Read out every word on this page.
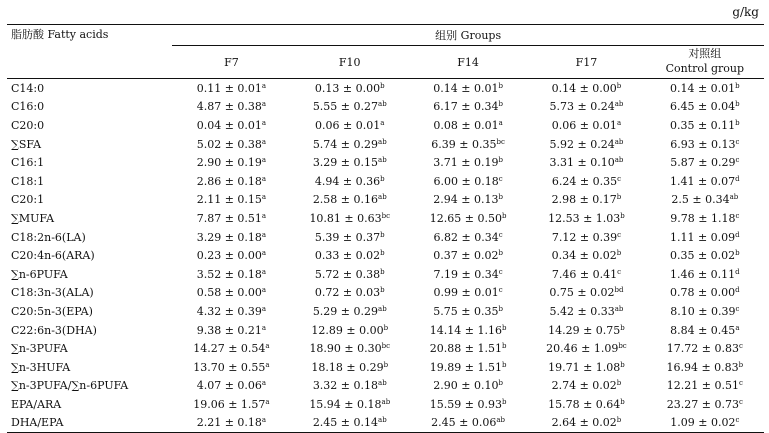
g/kg
脂肪酸 Fatty acids	组别 Groups				
	F7	F10	F14	F17	对照组
Control group

C14:0	0.11 ± 0.01$^a$	0.13 ± 0.00$^b$	0.14 ± 0.01$^b$	0.14 ± 0.00$^b$	0.14 ± 0.01$^b$
C16:0	4.87 ± 0.38$^a$	5.55 ± 0.27$^{ab}$	6.17 ± 0.34$^b$	5.73 ± 0.24$^{ab}$	6.45 ± 0.04$^b$
C20:0	0.04 ± 0.01$^a$	0.06 ± 0.01$^a$	0.08 ± 0.01$^a$	0.06 ± 0.01$^a$	0.35 ± 0.11$^b$
∑SFA	5.02 ± 0.38$^a$	5.74 ± 0.29$^{ab}$	6.39 ± 0.35$^{bc}$	5.92 ± 0.24$^{ab}$	6.93 ± 0.13$^c$
C16:1	2.90 ± 0.19$^a$	3.29 ± 0.15$^{ab}$	3.71 ± 0.19$^b$	3.31 ± 0.10$^{ab}$	5.87 ± 0.29$^c$
C18:1	2.86 ± 0.18$^a$	4.94 ± 0.36$^b$	6.00 ± 0.18$^c$	6.24 ± 0.35$^c$	1.41 ± 0.07$^d$
C20:1	2.11 ± 0.15$^a$	2.58 ± 0.16$^{ab}$	2.94 ± 0.13$^b$	2.98 ± 0.17$^b$	2.5 ± 0.34$^{ab}$
∑MUFA	7.87 ± 0.51$^a$	10.81 ± 0.63$^{bc}$	12.65 ± 0.50$^b$	12.53 ± 1.03$^b$	9.78 ± 1.18$^c$
C18:2n-6(LA)	3.29 ± 0.18$^a$	5.39 ± 0.37$^b$	6.82 ± 0.34$^c$	7.12 ± 0.39$^c$	1.11 ± 0.09$^d$
C20:4n-6(ARA)	0.23 ± 0.00$^a$	0.33 ± 0.02$^b$	0.37 ± 0.02$^b$	0.34 ± 0.02$^b$	0.35 ± 0.02$^b$
∑n-6PUFA	3.52 ± 0.18$^a$	5.72 ± 0.38$^b$	7.19 ± 0.34$^c$	7.46 ± 0.41$^c$	1.46 ± 0.11$^d$
C18:3n-3(ALA)	0.58 ± 0.00$^a$	0.72 ± 0.03$^b$	0.99 ± 0.01$^c$	0.75 ± 0.02$^{bd}$	0.78 ± 0.00$^d$
C20:5n-3(EPA)	4.32 ± 0.39$^a$	5.29 ± 0.29$^{ab}$	5.75 ± 0.35$^b$	5.42 ± 0.33$^{ab}$	8.10 ± 0.39$^c$
C22:6n-3(DHA)	9.38 ± 0.21$^a$	12.89 ± 0.00$^b$	14.14 ± 1.16$^b$	14.29 ± 0.75$^b$	8.84 ± 0.45$^a$
∑n-3PUFA	14.27 ± 0.54$^a$	18.90 ± 0.30$^{bc}$	20.88 ± 1.51$^b$	20.46 ± 1.09$^{bc}$	17.72 ± 0.83$^c$
∑n-3HUFA	13.70 ± 0.55$^a$	18.18 ± 0.29$^b$	19.89 ± 1.51$^b$	19.71 ± 1.08$^b$	16.94 ± 0.83$^b$
∑n-3PUFA/∑n-6PUFA	4.07 ± 0.06$^a$	3.32 ± 0.18$^{ab}$	2.90 ± 0.10$^b$	2.74 ± 0.02$^b$	12.21 ± 0.51$^c$
EPA/ARA	19.06 ± 1.57$^a$	15.94 ± 0.18$^{ab}$	15.59 ± 0.93$^b$	15.78 ± 0.64$^b$	23.27 ± 0.73$^c$
DHA/EPA	2.21 ± 0.18$^a$	2.45 ± 0.14$^{ab}$	2.45 ± 0.06$^{ab}$	2.64 ± 0.02$^b$	1.09 ± 0.02$^c$
